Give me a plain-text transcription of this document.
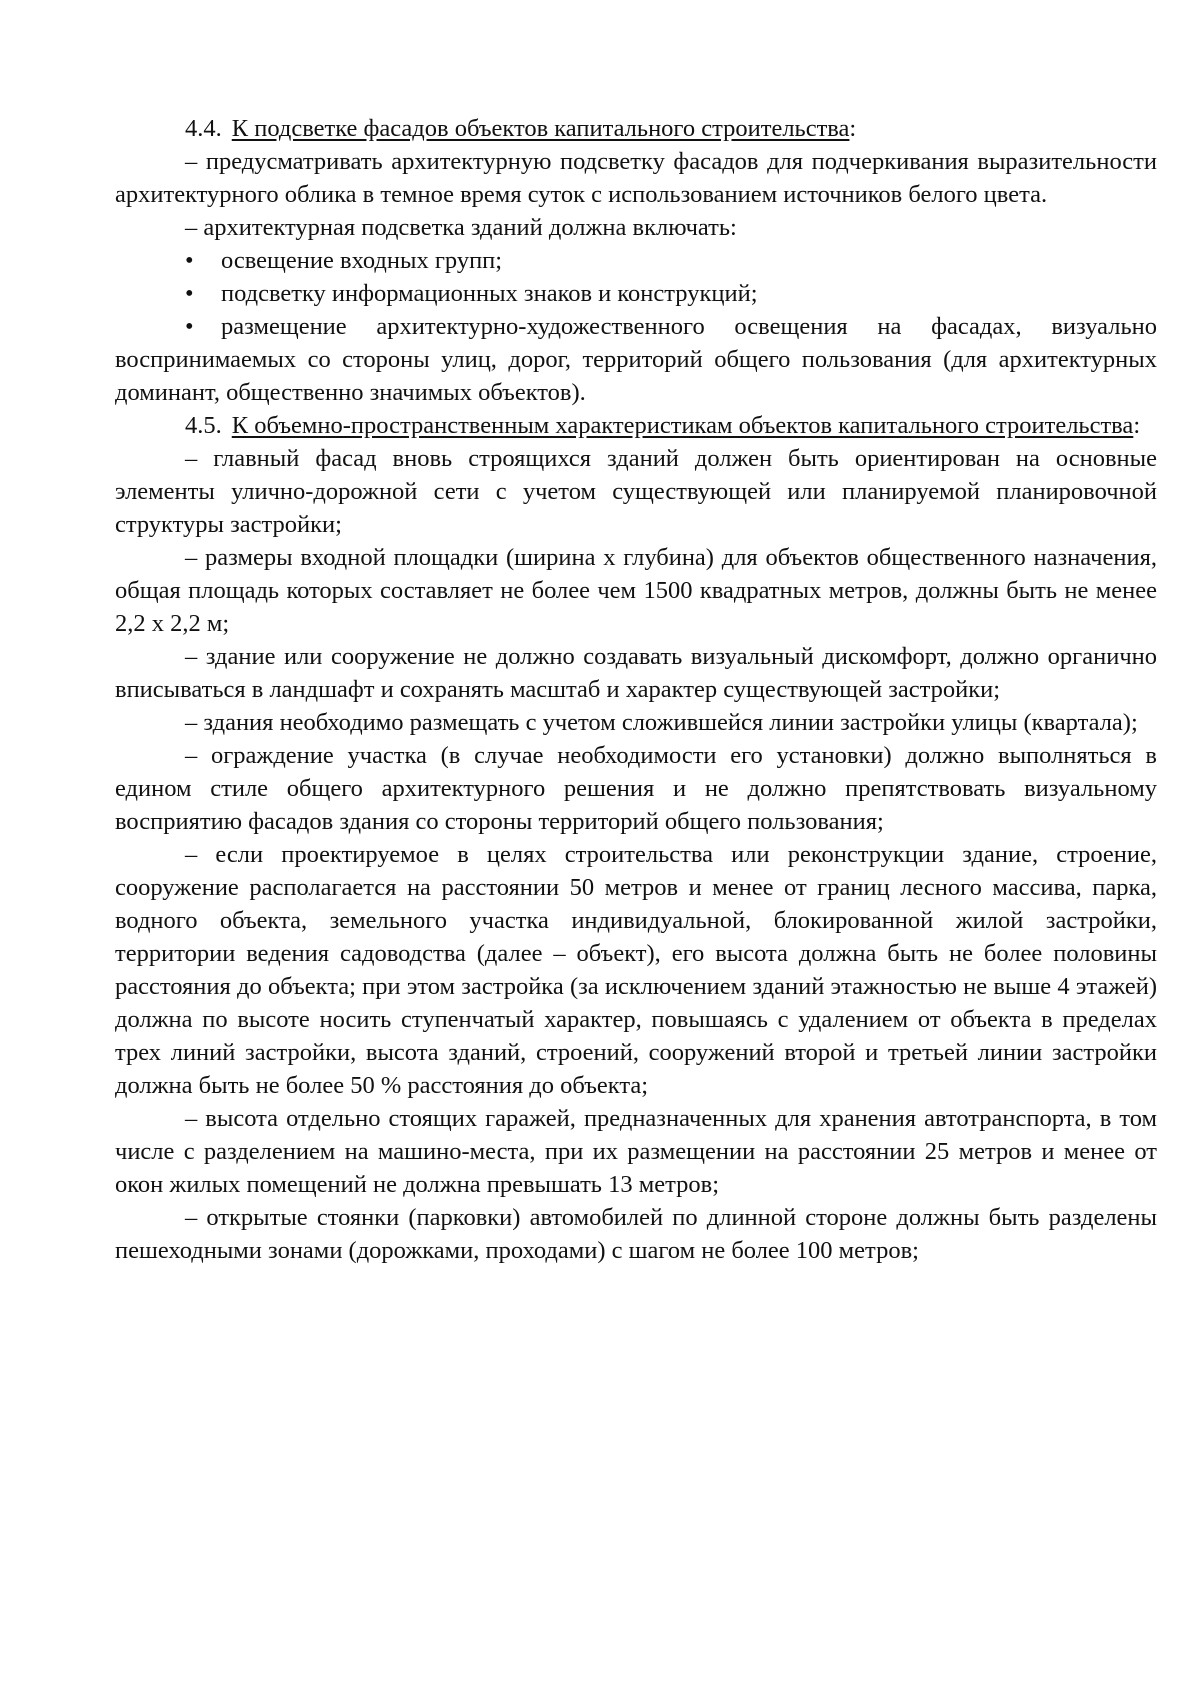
4.4. К подсветке фасадов объектов капитального строительства:

– предусматривать архитектурную подсветку фасадов для подчеркивания выразительности архитектурного облика в темное время суток с использованием источников белого цвета.

– архитектурная подсветка зданий должна включать:

• освещение входных групп;

• подсветку информационных знаков и конструкций;

• размещение архитектурно-художественного освещения на фасадах, визуально воспринимаемых со стороны улиц, дорог, территорий общего пользования (для архитектурных доминант, общественно значимых объектов).

4.5. К объемно-пространственным характеристикам объектов капитального строительства:

– главный фасад вновь строящихся зданий должен быть ориентирован на основные элементы улично-дорожной сети с учетом существующей или планируемой планировочной структуры застройки;

– размеры входной площадки (ширина х глубина) для объектов общественного назначения, общая площадь которых составляет не более чем 1500 квадратных метров, должны быть не менее 2,2 х 2,2 м;

– здание или сооружение не должно создавать визуальный дискомфорт, должно органично вписываться в ландшафт и сохранять масштаб и характер существующей застройки;

– здания необходимо размещать с учетом сложившейся линии застройки улицы (квартала);

– ограждение участка (в случае необходимости его установки) должно выполняться в едином стиле общего архитектурного решения и не должно препятствовать визуальному восприятию фасадов здания со стороны территорий общего пользования;

– если проектируемое в целях строительства или реконструкции здание, строение, сооружение располагается на расстоянии 50 метров и менее от границ лесного массива, парка, водного объекта, земельного участка индивидуальной, блокированной жилой застройки, территории ведения садоводства (далее – объект), его высота должна быть не более половины расстояния до объекта; при этом застройка (за исключением зданий этажностью не выше 4 этажей) должна по высоте носить ступенчатый характер, повышаясь с удалением от объекта в пределах трех линий застройки, высота зданий, строений, сооружений второй и третьей линии застройки должна быть не более 50 % расстояния до объекта;

– высота отдельно стоящих гаражей, предназначенных для хранения автотранспорта, в том числе с разделением на машино-места, при их размещении на расстоянии 25 метров и менее от окон жилых помещений не должна превышать 13 метров;

– открытые стоянки (парковки) автомобилей по длинной стороне должны быть разделены пешеходными зонами (дорожками, проходами) с шагом не более 100 метров;
